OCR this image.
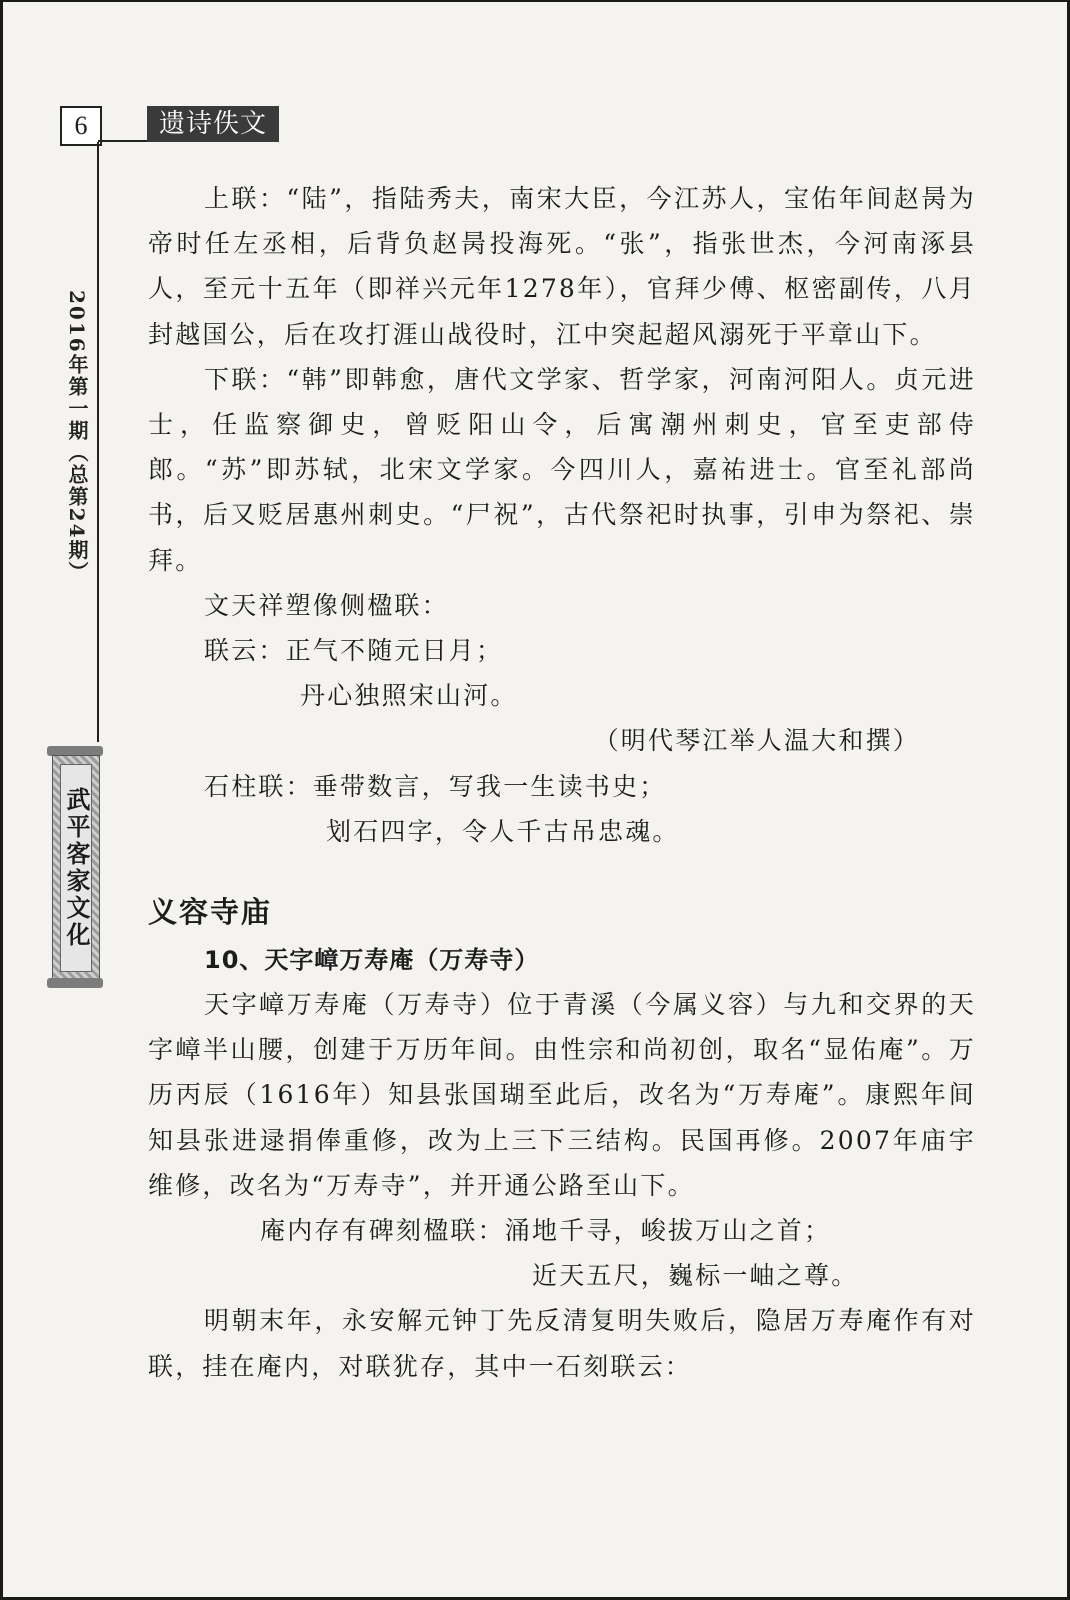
6	遗诗佚文
2016年第一期（总第24期）
武平客家文化

上联：“陆”，指陆秀夫，南宋大臣，今江苏人，宝佑年间赵昺为帝时任左丞相，后背负赵昺投海死。“张”，指张世杰，今河南涿县人，至元十五年（即祥兴元年1278年），官拜少傅、枢密副传，八月封越国公，后在攻打涯山战役时，江中突起超风溺死于平章山下。

下联：“韩”即韩愈，唐代文学家、哲学家，河南河阳人。贞元进士，任监察御史，曾贬阳山令，后寓潮州刺史，官至吏部侍郎。“苏”即苏轼，北宋文学家。今四川人，嘉祐进士。官至礼部尚书，后又贬居惠州刺史。“尸祝”，古代祭祀时执事，引申为祭祀、崇拜。

文天祥塑像侧楹联：

联云：正气不随元日月；

丹心独照宋山河。

（明代琴江举人温大和撰）

石柱联：垂带数言，写我一生读书史；

划石四字，令人千古吊忠魂。

义容寺庙
10、天字嶂万寿庵（万寿寺）

天字嶂万寿庵（万寿寺）位于青溪（今属义容）与九和交界的天字嶂半山腰，创建于万历年间。由性宗和尚初创，取名“显佑庵”。万历丙辰（1616年）知县张国瑚至此后，改名为“万寿庵”。康熙年间知县张进逯捐俸重修，改为上三下三结构。民国再修。2007年庙宇维修，改名为“万寿寺”，并开通公路至山下。

庵内存有碑刻楹联：涌地千寻，峻拔万山之首；

近天五尺，巍标一岫之尊。

明朝末年，永安解元钟丁先反清复明失败后，隐居万寿庵作有对联，挂在庵内，对联犹存，其中一石刻联云：
